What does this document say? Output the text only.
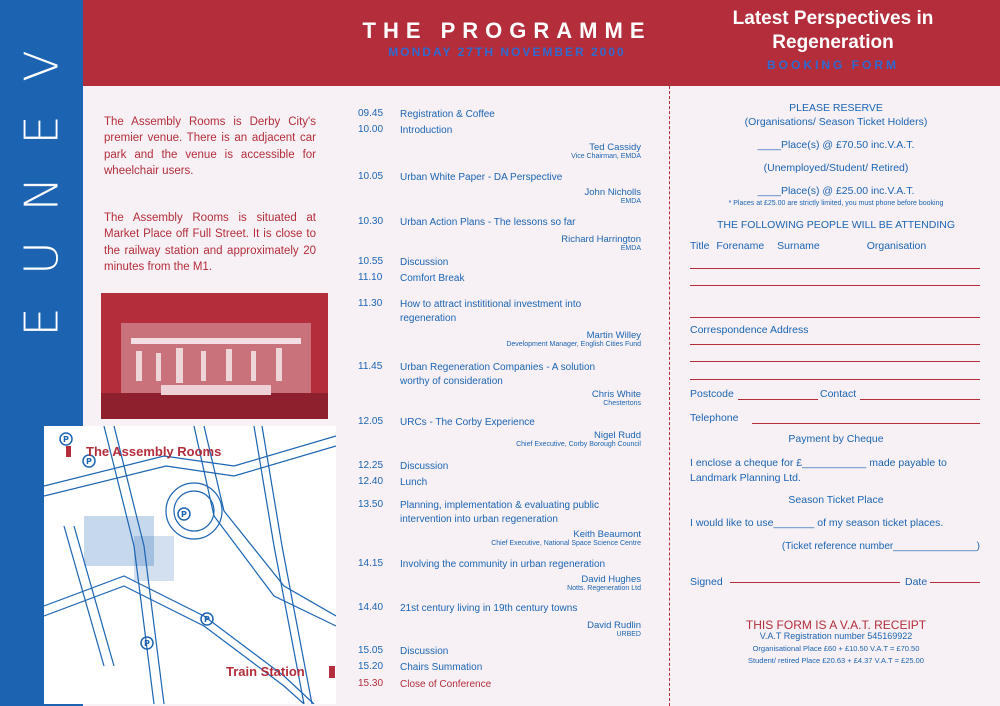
V
E
N
U
E
THE PROGRAMME
MONDAY 27TH NOVEMBER 2000
Latest Perspectives in
Regeneration
BOOKING FORM
The Assembly Rooms is Derby City's premier venue. There is an adjacent car park and the venue is accessible for wheelchair users.
The Assembly Rooms is situated at Market Place off Full Street. It is close to the railway station and approximately 20 minutes from the M1.
P
P
P
P
P
The Assembly Rooms
Train Station
09.45	Registration & Coffee
10.00	Introduction
Ted Cassidy
Vice Chairman, EMDA
10.05	Urban White Paper - DA Perspective
John Nicholls
EMDA
10.30	Urban Action Plans - The lessons so far
Richard Harrington
EMDA
10.55	Discussion
11.10	Comfort Break
11.30	How to attract instititional investment into regeneration
Martin Willey
Development Manager, English Cities Fund
11.45	Urban Regeneration Companies - A solution worthy of consideration
Chris White
Chestertons
12.05	URCs - The Corby Experience
Nigel Rudd
Chief Executive, Corby Borough Council
12.25	Discussion
12.40	Lunch
13.50	Planning, implementation & evaluating public intervention into urban regeneration
Keith Beaumont
Chief Executive, National Space Science Centre
14.15	Involving the community in urban regeneration
David Hughes
Notts. Regeneration Ltd
14.40	21st century living in 19th century towns
David Rudlin
URBED
15.05	Discussion
15.20	Chairs Summation
15.30	Close of Conference
PLEASE RESERVE
(Organisations/ Season Ticket Holders)
____Place(s) @ £70.50 inc.V.A.T.
(Unemployed/Student/ Retired)
____Place(s) @ £25.00 inc.V.A.T.
* Places at £25.00 are strictly limited, you must phone before booking
THE FOLLOWING PEOPLE WILL BE ATTENDING
Title Forename Surname	Organisation
Correspondence Address
Postcode	Contact
Telephone
Payment by Cheque
I enclose a cheque for £___________ made payable to
Landmark Planning Ltd.
Season Ticket Place
I would like to use_______ of my season ticket places.
(Ticket reference number_______________)
Signed	Date
THIS FORM IS A V.A.T. RECEIPT
V.A.T Registration number 545169922
Organisational Place £60 + £10.50 V.A.T = £70.50
Student/ retired Place £20.63 + £4.37 V.A.T = £25.00
